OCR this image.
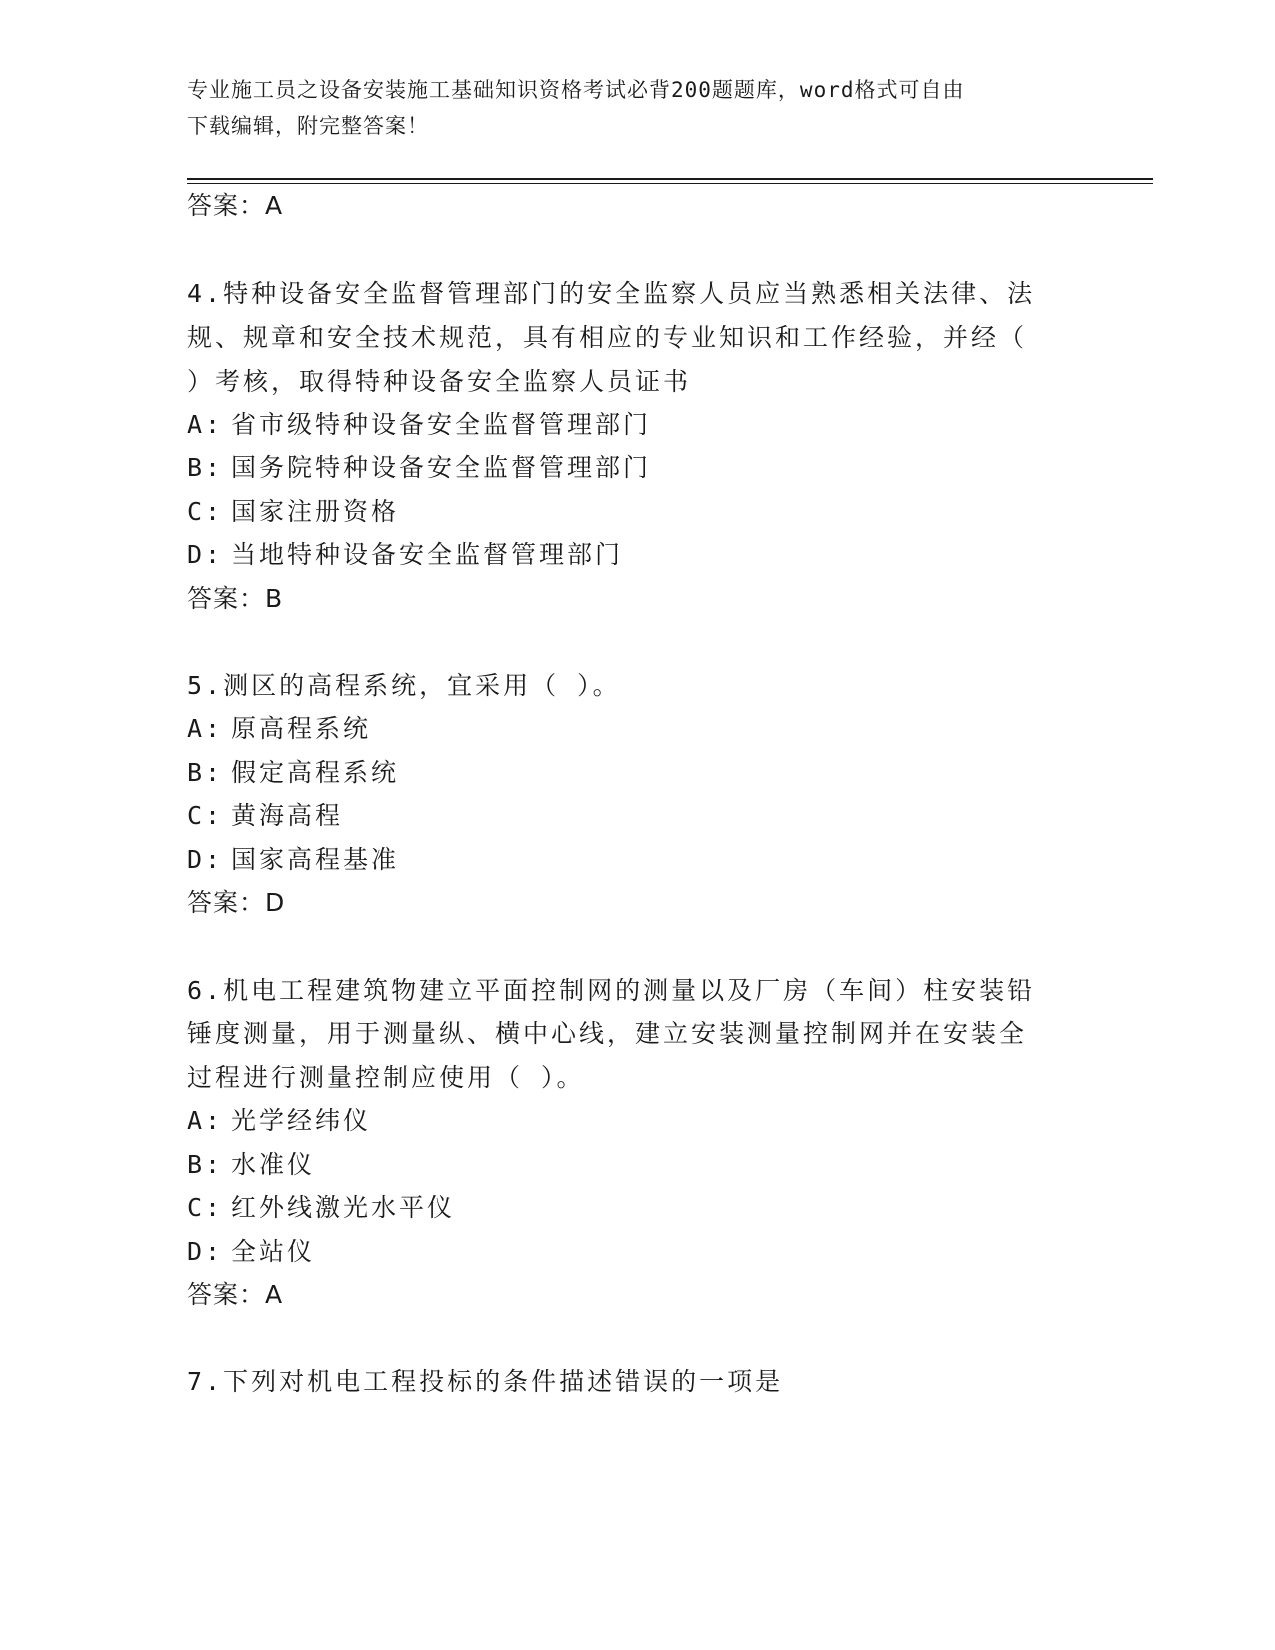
专业施工员之设备安装施工基础知识资格考试必背200题题库，word格式可自由
下载编辑，附完整答案！
答案：A
4.特种设备安全监督管理部门的安全监察人员应当熟悉相关法律、法
规、规章和安全技术规范，具有相应的专业知识和工作经验，并经（
）考核，取得特种设备安全监察人员证书
A: 省市级特种设备安全监督管理部门
B: 国务院特种设备安全监督管理部门
C: 国家注册资格
D: 当地特种设备安全监督管理部门
答案：B
5.测区的高程系统，宜采用（ ）。
A: 原高程系统
B: 假定高程系统
C: 黄海高程
D: 国家高程基准
答案：D
6.机电工程建筑物建立平面控制网的测量以及厂房（车间）柱安装铅
锤度测量，用于测量纵、横中心线，建立安装测量控制网并在安装全
过程进行测量控制应使用（ ）。
A: 光学经纬仪
B: 水准仪
C: 红外线激光水平仪
D: 全站仪
答案：A
7.下列对机电工程投标的条件描述错误的一项是
